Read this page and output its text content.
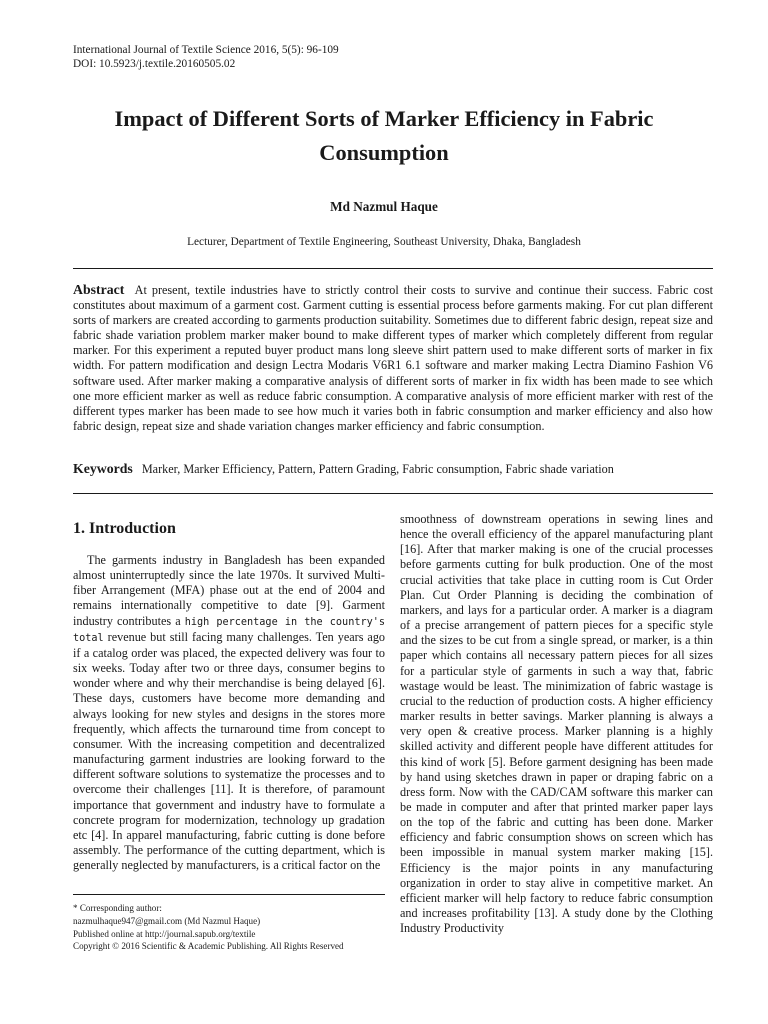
International Journal of Textile Science 2016, 5(5): 96-109
DOI: 10.5923/j.textile.20160505.02
Impact of Different Sorts of Marker Efficiency in Fabric Consumption
Md Nazmul Haque
Lecturer, Department of Textile Engineering, Southeast University, Dhaka, Bangladesh
Abstract At present, textile industries have to strictly control their costs to survive and continue their success. Fabric cost constitutes about maximum of a garment cost. Garment cutting is essential process before garments making. For cut plan different sorts of markers are created according to garments production suitability. Sometimes due to different fabric design, repeat size and fabric shade variation problem marker maker bound to make different types of marker which completely different from regular marker. For this experiment a reputed buyer product mans long sleeve shirt pattern used to make different sorts of marker in fix width. For pattern modification and design Lectra Modaris V6R1 6.1 software and marker making Lectra Diamino Fashion V6 software used. After marker making a comparative analysis of different sorts of marker in fix width has been made to see which one more efficient marker as well as reduce fabric consumption. A comparative analysis of more efficient marker with rest of the different types marker has been made to see how much it varies both in fabric consumption and marker efficiency and also how fabric design, repeat size and shade variation changes marker efficiency and fabric consumption.
Keywords Marker, Marker Efficiency, Pattern, Pattern Grading, Fabric consumption, Fabric shade variation
1. Introduction

The garments industry in Bangladesh has been expanded almost uninterruptedly since the late 1970s. It survived Multi-fiber Arrangement (MFA) phase out at the end of 2004 and remains internationally competitive to date [9]. Garment industry contributes a high percentage in the country's total revenue but still facing many challenges. Ten years ago if a catalog order was placed, the expected delivery was four to six weeks. Today after two or three days, consumer begins to wonder where and why their merchandise is being delayed [6]. These days, customers have become more demanding and always looking for new styles and designs in the stores more frequently, which affects the turnaround time from concept to consumer. With the increasing competition and decentralized manufacturing garment industries are looking forward to the different software solutions to systematize the processes and to overcome their challenges [11]. It is therefore, of paramount importance that government and industry have to formulate a concrete program for modernization, technology up gradation etc [4]. In apparel manufacturing, fabric cutting is done before assembly. The performance of the cutting department, which is generally neglected by manufacturers, is a critical factor on the

smoothness of downstream operations in sewing lines and hence the overall efficiency of the apparel manufacturing plant [16]. After that marker making is one of the crucial processes before garments cutting for bulk production. One of the most crucial activities that take place in cutting room is Cut Order Plan. Cut Order Planning is deciding the combination of markers, and lays for a particular order. A marker is a diagram of a precise arrangement of pattern pieces for a specific style and the sizes to be cut from a single spread, or marker, is a thin paper which contains all necessary pattern pieces for all sizes for a particular style of garments in such a way that, fabric wastage would be least. The minimization of fabric wastage is crucial to the reduction of production costs. A higher efficiency marker results in better savings. Marker planning is always a very open & creative process. Marker planning is a highly skilled activity and different people have different attitudes for this kind of work [5]. Before garment designing has been made by hand using sketches drawn in paper or draping fabric on a dress form. Now with the CAD/CAM software this marker can be made in computer and after that printed marker paper lays on the top of the fabric and cutting has been done. Marker efficiency and fabric consumption shows on screen which has been impossible in manual system marker making [15]. Efficiency is the major points in any manufacturing organization in order to stay alive in competitive market. An efficient marker will help factory to reduce fabric consumption and increases profitability [13]. A study done by the Clothing Industry Productivity

* Corresponding author:
nazmulhaque947@gmail.com (Md Nazmul Haque)
Published online at http://journal.sapub.org/textile
Copyright © 2016 Scientific & Academic Publishing. All Rights Reserved
